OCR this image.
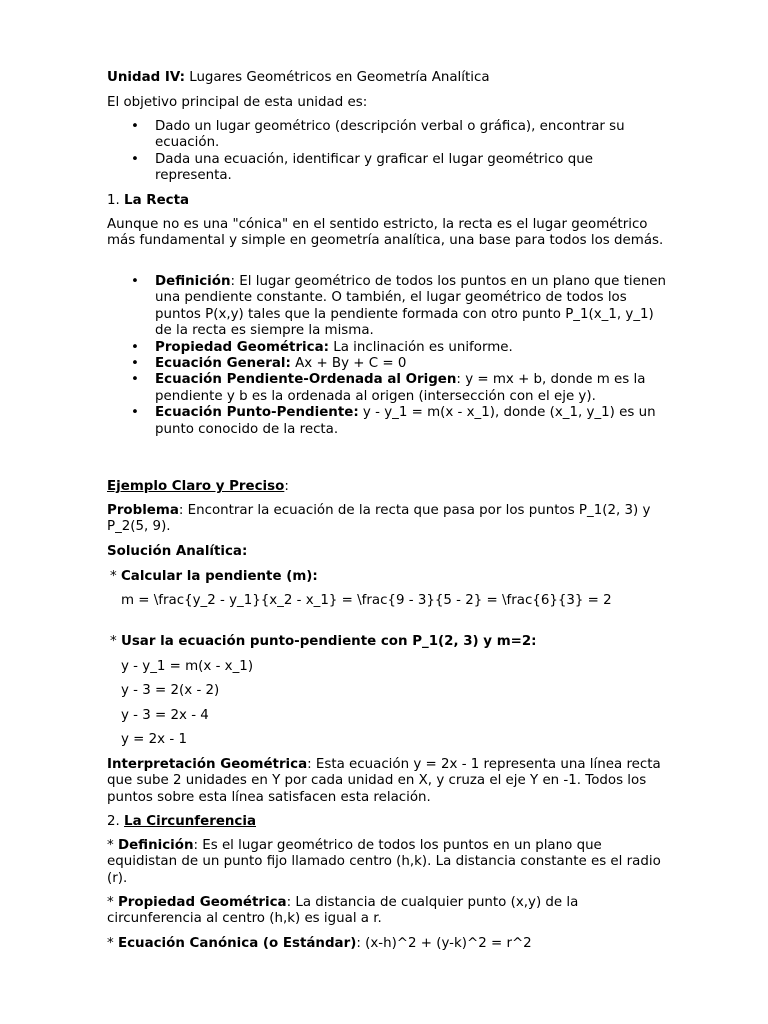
Unidad IV: Lugares Geométricos en Geometría Analítica

El objetivo principal de esta unidad es:

• Dado un lugar geométrico (descripción verbal o gráfica), encontrar su ecuación.
• Dada una ecuación, identificar y graficar el lugar geométrico que representa.

1. La Recta

Aunque no es una "cónica" en el sentido estricto, la recta es el lugar geométrico más fundamental y simple en geometría analítica, una base para todos los demás.

• Definición: El lugar geométrico de todos los puntos en un plano que tienen una pendiente constante. O también, el lugar geométrico de todos los puntos P(x,y) tales que la pendiente formada con otro punto P_1(x_1, y_1) de la recta es siempre la misma.
• Propiedad Geométrica: La inclinación es uniforme.
• Ecuación General: Ax + By + C = 0
• Ecuación Pendiente-Ordenada al Origen: y = mx + b, donde m es la pendiente y b es la ordenada al origen (intersección con el eje y).
• Ecuación Punto-Pendiente: y - y_1 = m(x - x_1), donde (x_1, y_1) es un punto conocido de la recta.

Ejemplo Claro y Preciso:

Problema: Encontrar la ecuación de la recta que pasa por los puntos P_1(2, 3) y P_2(5, 9).

Solución Analítica:

* Calcular la pendiente (m):

m = \frac{y_2 - y_1}{x_2 - x_1} = \frac{9 - 3}{5 - 2} = \frac{6}{3} = 2

* Usar la ecuación punto-pendiente con P_1(2, 3) y m=2:

y - y_1 = m(x - x_1)

y - 3 = 2(x - 2)

y - 3 = 2x - 4

y = 2x - 1

Interpretación Geométrica: Esta ecuación y = 2x - 1 representa una línea recta que sube 2 unidades en Y por cada unidad en X, y cruza el eje Y en -1. Todos los puntos sobre esta línea satisfacen esta relación.

2. La Circunferencia

* Definición: Es el lugar geométrico de todos los puntos en un plano que equidistan de un punto fijo llamado centro (h,k). La distancia constante es el radio (r).

* Propiedad Geométrica: La distancia de cualquier punto (x,y) de la circunferencia al centro (h,k) es igual a r.

* Ecuación Canónica (o Estándar): (x-h)^2 + (y-k)^2 = r^2
